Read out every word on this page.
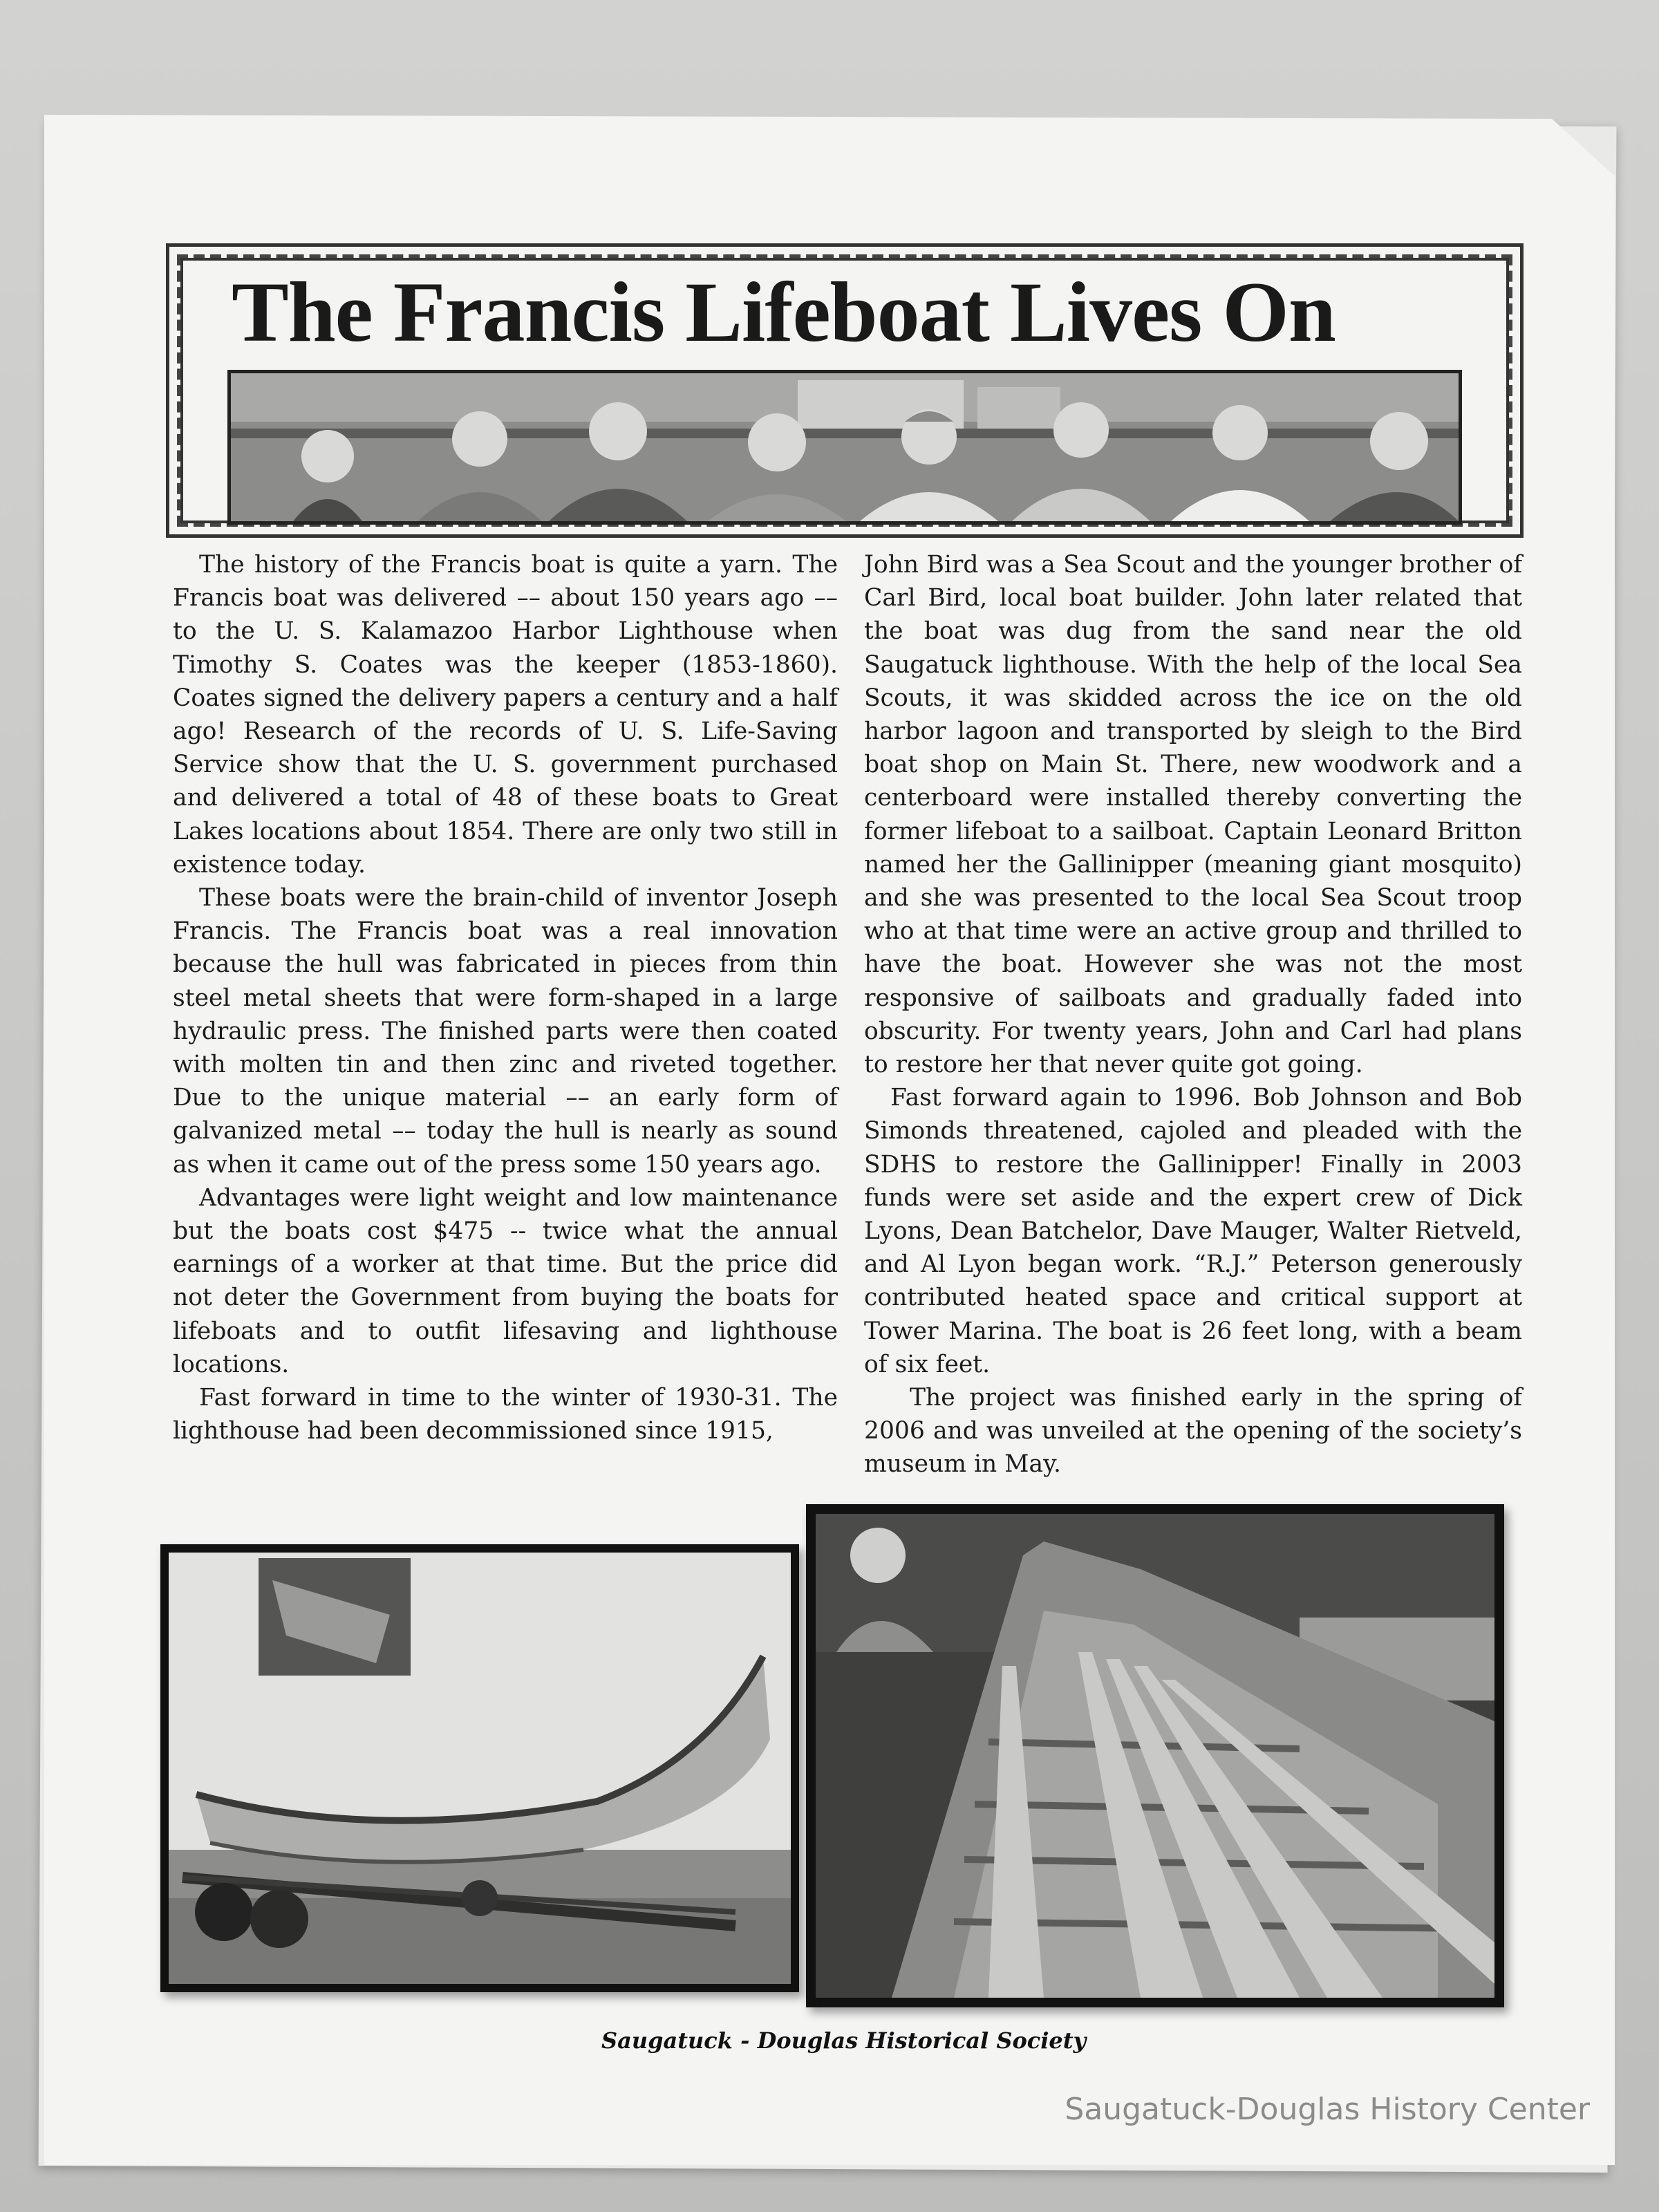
The Francis Lifeboat Lives On

The history of the Francis boat is quite a yarn. The Francis boat was delivered –– about 150 years ago –– to the U. S. Kalamazoo Harbor Lighthouse when Timothy S. Coates was the keeper (1853-1860). Coates signed the delivery papers a century and a half ago! Research of the records of U. S. Life-Saving Service show that the U. S. government purchased and delivered a total of 48 of these boats to Great Lakes locations about 1854. There are only two still in existence today.

These boats were the brain-child of inventor Joseph Francis. The Francis boat was a real innovation because the hull was fabricated in pieces from thin steel metal sheets that were form-shaped in a large hydraulic press. The finished parts were then coated with molten tin and then zinc and riveted together. Due to the unique material –– an early form of galvanized metal –– today the hull is nearly as sound as when it came out of the press some 150 years ago.

Advantages were light weight and low maintenance but the boats cost $475 -- twice what the annual earnings of a worker at that time. But the price did not deter the Government from buying the boats for lifeboats and to outfit lifesaving and lighthouse locations.

Fast forward in time to the winter of 1930-31. The lighthouse had been decommissioned since 1915,

John Bird was a Sea Scout and the younger brother of Carl Bird, local boat builder. John later related that the boat was dug from the sand near the old Saugatuck lighthouse. With the help of the local Sea Scouts, it was skidded across the ice on the old harbor lagoon and transported by sleigh to the Bird boat shop on Main St. There, new woodwork and a centerboard were installed thereby converting the former lifeboat to a sailboat. Captain Leonard Britton named her the Gallinipper (meaning giant mosquito) and she was presented to the local Sea Scout troop who at that time were an active group and thrilled to have the boat. However she was not the most responsive of sailboats and gradually faded into obscurity. For twenty years, John and Carl had plans to restore her that never quite got going.

Fast forward again to 1996. Bob Johnson and Bob Simonds threatened, cajoled and pleaded with the SDHS to restore the Gallinipper! Finally in 2003 funds were set aside and the expert crew of Dick Lyons, Dean Batchelor, Dave Mauger, Walter Rietveld, and Al Lyon began work. “R.J.” Peterson generously contributed heated space and critical support at Tower Marina. The boat is 26 feet long, with a beam of six feet.

The project was finished early in the spring of 2006 and was unveiled at the opening of the society’s museum in May.

Saugatuck - Douglas Historical Society
Saugatuck-Douglas History Center
